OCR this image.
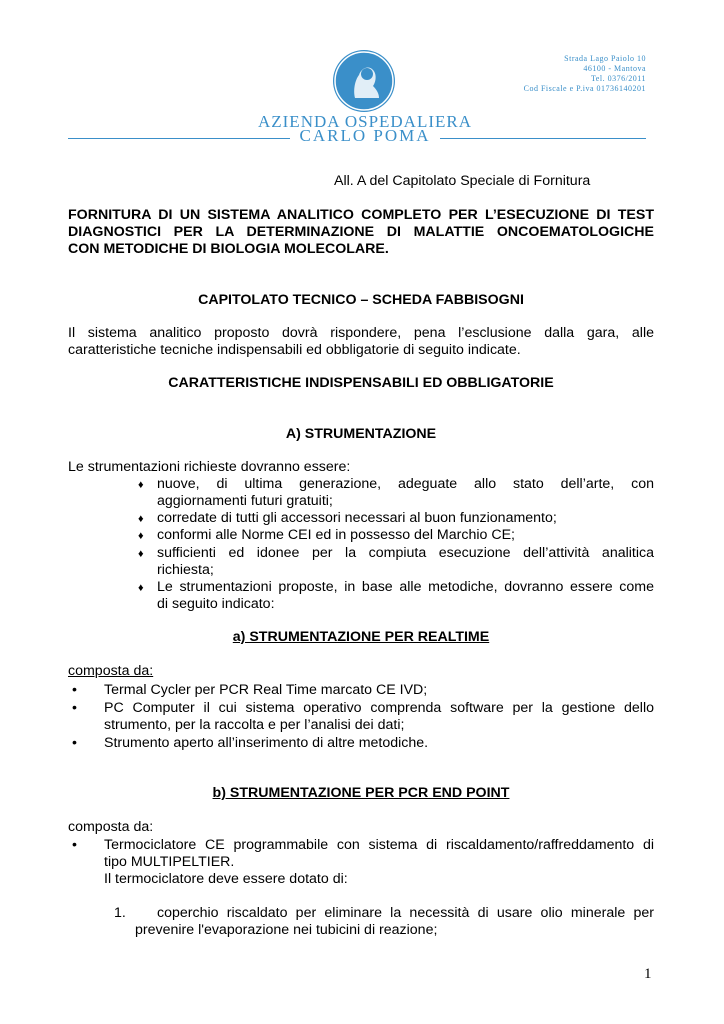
Strada Lago Paiolo 10
46100 - Mantova
Tel. 0376/2011
Cod Fiscale e P.iva 01736140201
AZIENDA OSPEDALIERA
CARLO POMA
All. A del Capitolato Speciale di Fornitura
FORNITURA DI UN SISTEMA ANALITICO COMPLETO PER L’ESECUZIONE DI TEST
DIAGNOSTICI PER LA DETERMINAZIONE DI MALATTIE ONCOEMATOLOGICHE
CON METODICHE DI BIOLOGIA MOLECOLARE.
CAPITOLATO TECNICO – SCHEDA FABBISOGNI
Il sistema analitico proposto dovrà rispondere, pena l’esclusione dalla gara, alle
caratteristiche tecniche indispensabili ed obbligatorie di seguito indicate.
CARATTERISTICHE INDISPENSABILI ED OBBLIGATORIE
A) STRUMENTAZIONE
Le strumentazioni richieste dovranno essere:
♦ nuove, di ultima generazione, adeguate allo stato dell’arte, con
aggiornamenti futuri gratuiti;
♦ corredate di tutti gli accessori necessari al buon funzionamento;
♦ conformi alle Norme CEI ed in possesso del Marchio CE;
♦ sufficienti ed idonee per la compiuta esecuzione dell’attività analitica
richiesta;
♦ Le strumentazioni proposte, in base alle metodiche, dovranno essere come
di seguito indicato:
a) STRUMENTAZIONE PER REALTIME
composta da:
• Termal Cycler per PCR Real Time marcato CE IVD;
• PC Computer il cui sistema operativo comprenda software per la gestione dello
strumento, per la raccolta e per l’analisi dei dati;
• Strumento aperto all’inserimento di altre metodiche.
b) STRUMENTAZIONE PER PCR END POINT
composta da:
• Termociclatore CE programmabile con sistema di riscaldamento/raffreddamento di
tipo MULTIPELTIER.
Il termociclatore deve essere dotato di:
1. coperchio riscaldato per eliminare la necessità di usare olio minerale per
prevenire l'evaporazione nei tubicini di reazione;
1
